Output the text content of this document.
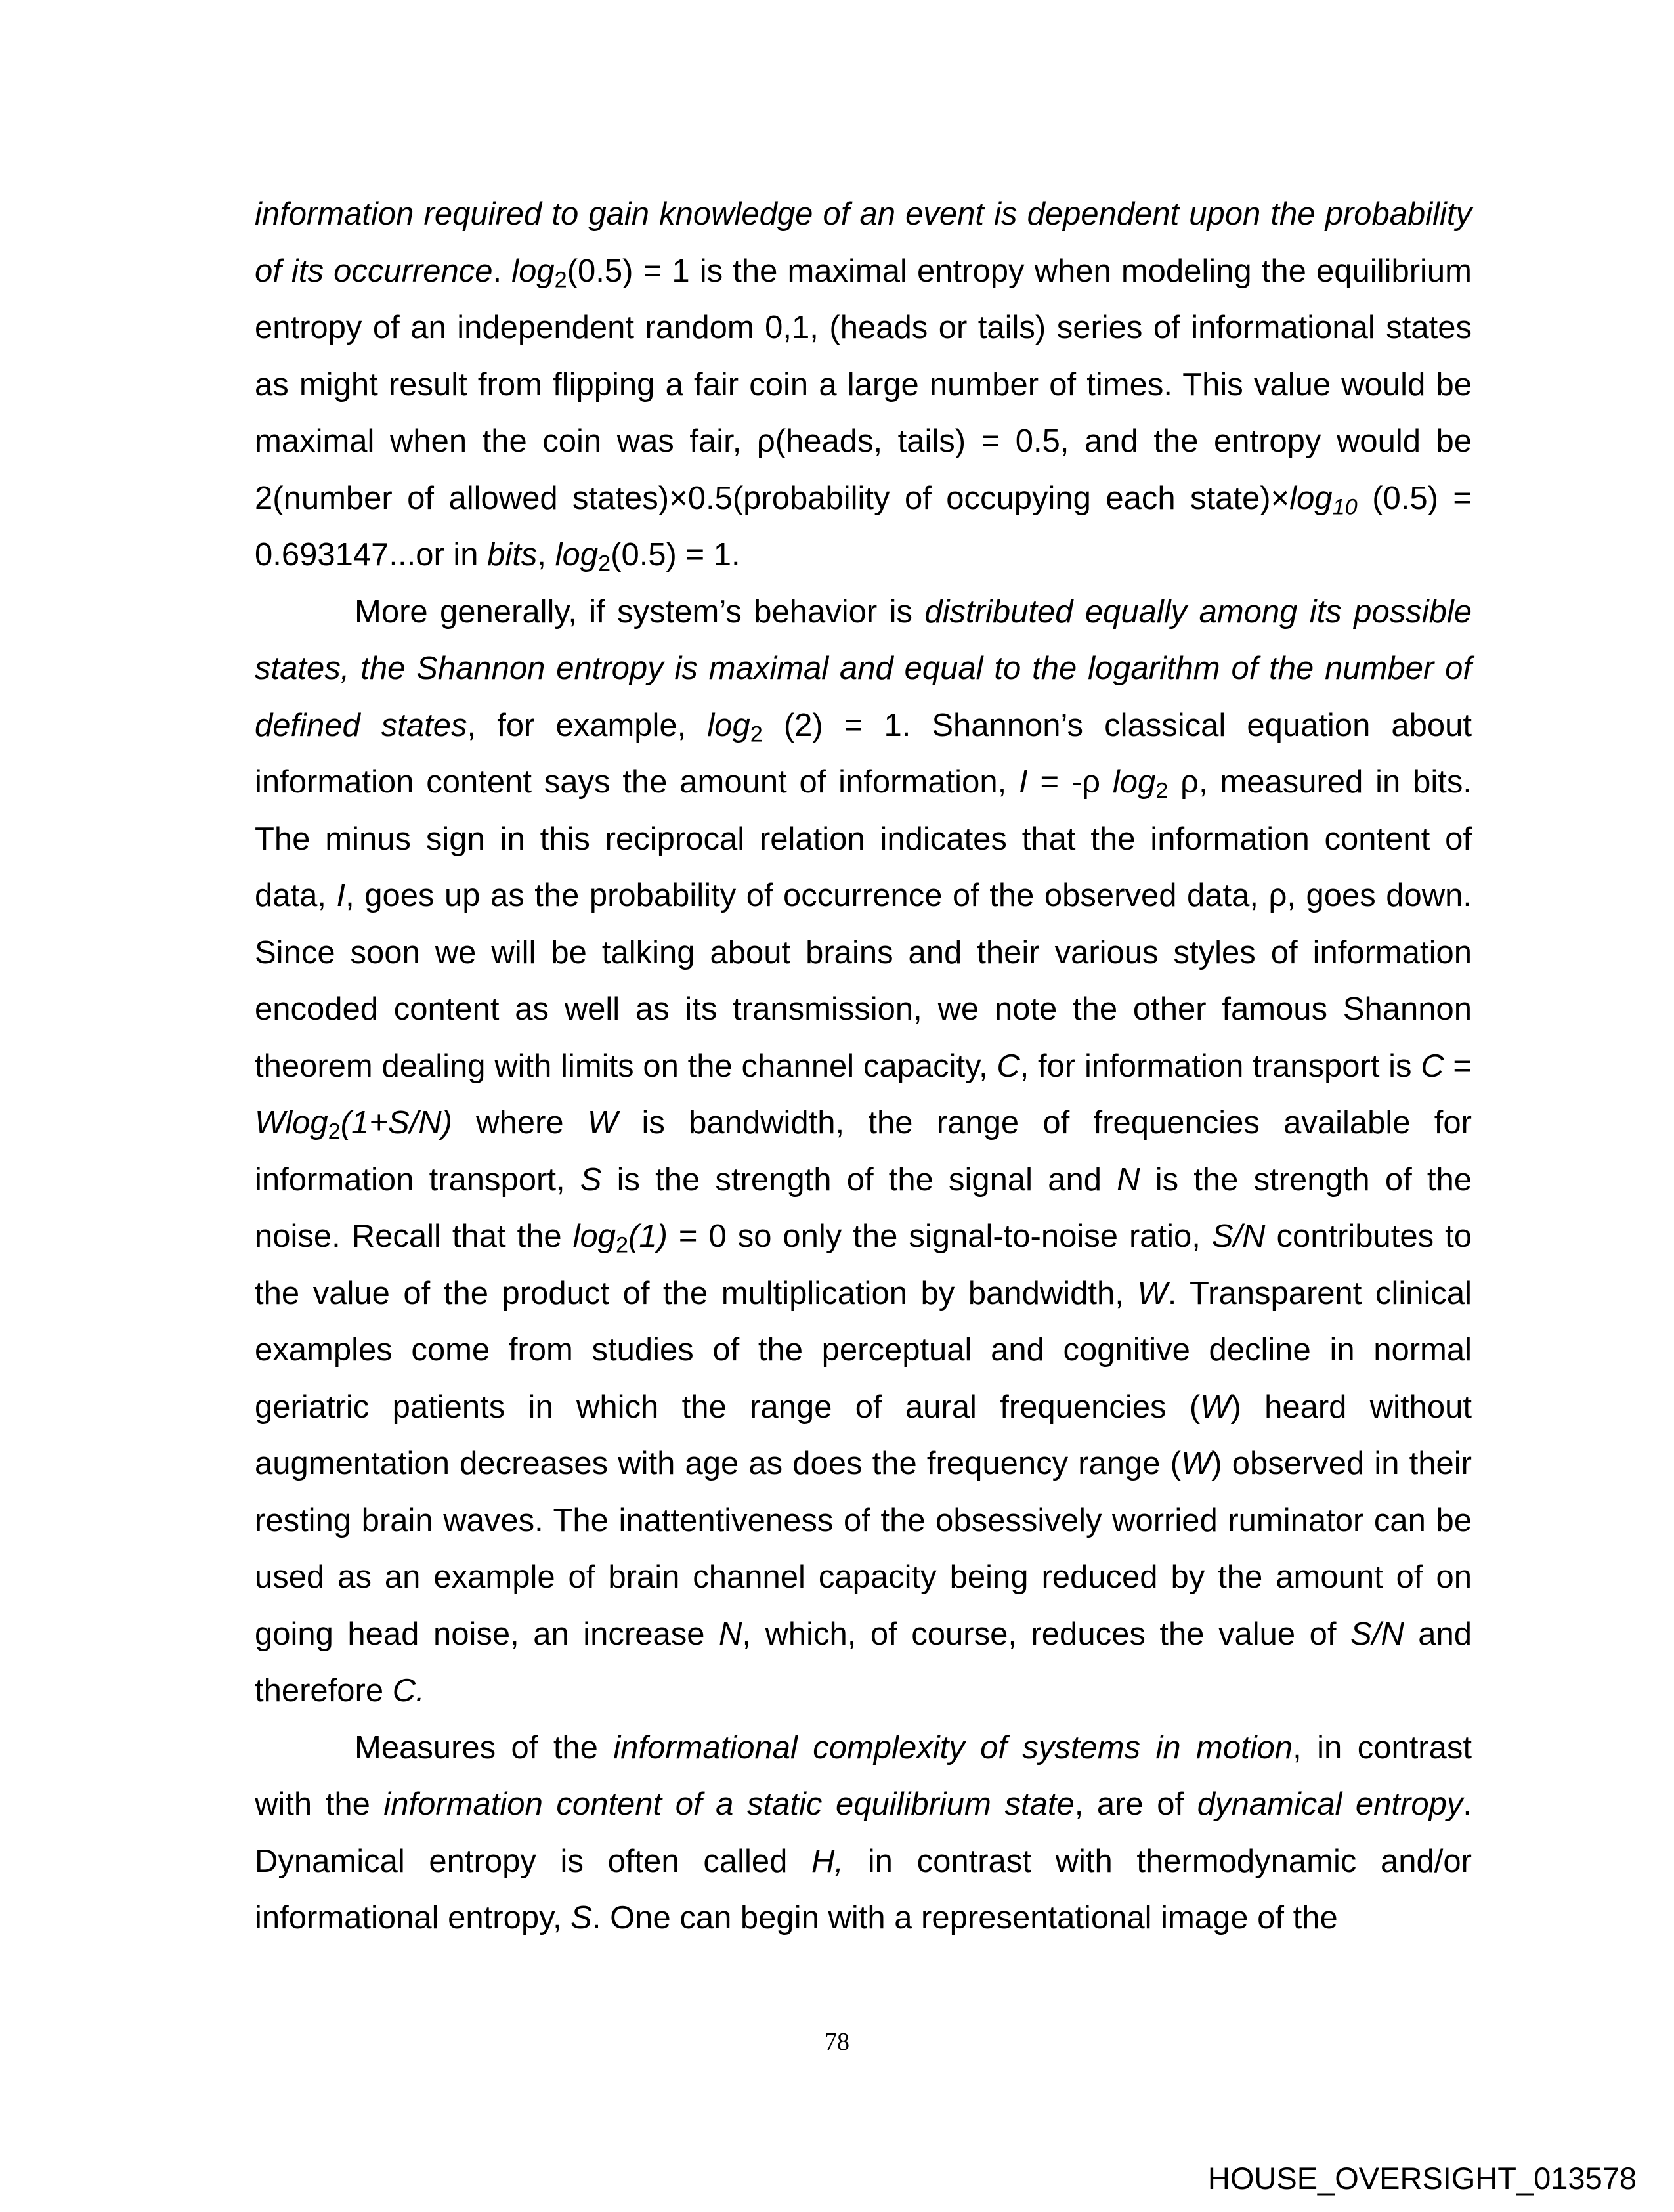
information required to gain knowledge of an event is dependent upon the probability of its occurrence. $\log_2(0.5) = 1$ is the maximal entropy when modeling the equilibrium entropy of an independent random 0,1, (heads or tails) series of informational states as might result from flipping a fair coin a large number of times. This value would be maximal when the coin was fair, ρ(heads, tails) = 0.5, and the entropy would be 2(number of allowed states)×0.5(probability of occupying each $state)\times\log_{10}$ (0.5) = 0.693147...or in bits, $\log_2(0.5) = 1$.

More generally, if system’s behavior is distributed equally among its possible states, the Shannon entropy is maximal and equal to the logarithm of the number of defined states, for example, $\log_2 (2) = 1$. Shannon’s classical equation about information content says the amount of information, I = -ρ $\log_2 \rho$, measured in bits. The minus sign in this reciprocal relation indicates that the information content of data, I, goes up as the probability of occurrence of the observed data, ρ, goes down. Since soon we will be talking about brains and their various styles of information encoded content as well as its transmission, we note the other famous Shannon theorem dealing with limits on the channel capacity, C, for information transport is C = Wlog$_2$(1+S/N) where W is bandwidth, the range of frequencies available for information transport, S is the strength of the signal and N is the strength of the noise. Recall that the $\log_2(1) = 0$ so only the signal-to-noise ratio, S/N contributes to the value of the product of the multiplication by bandwidth, W. Transparent clinical examples come from studies of the perceptual and cognitive decline in normal geriatric patients in which the range of aural frequencies (W) heard without augmentation decreases with age as does the frequency range (W) observed in their resting brain waves. The inattentiveness of the obsessively worried ruminator can be used as an example of brain channel capacity being reduced by the amount of on going head noise, an increase N, which, of course, reduces the value of S/N and therefore C.

Measures of the informational complexity of systems in motion, in contrast with the information content of a static equilibrium state, are of dynamical entropy. Dynamical entropy is often called H, in contrast with thermodynamic and/or informational entropy, S. One can begin with a representational image of the

78
HOUSE_OVERSIGHT_013578
